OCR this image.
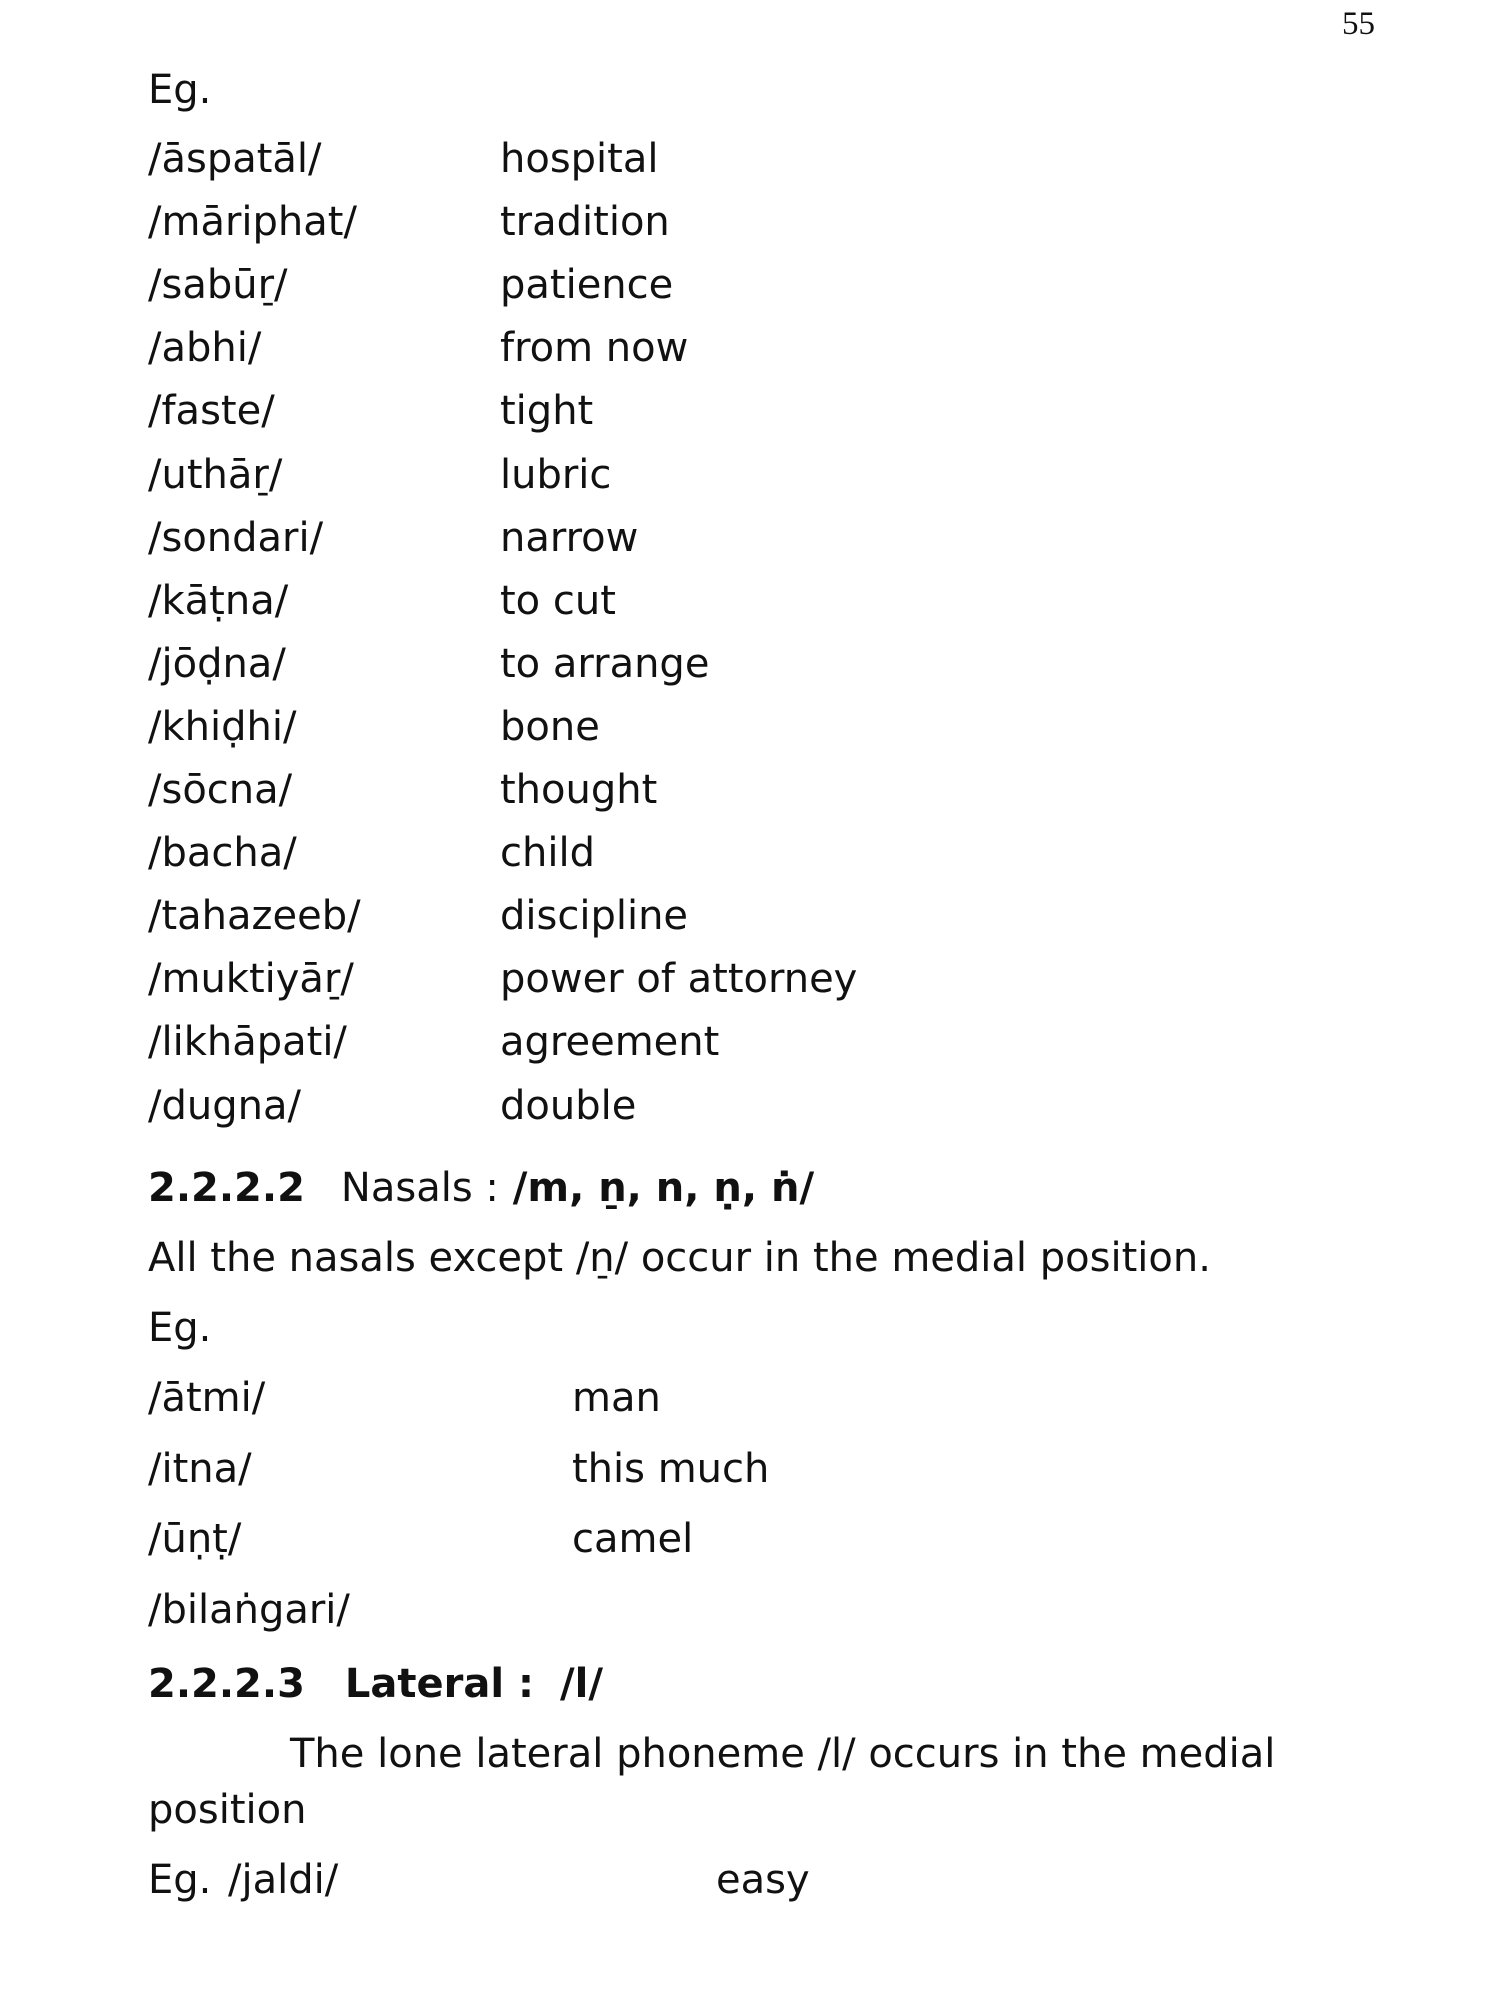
55
Eg.
/āspatāl/	hospital
/māriphat/	tradition
/sabūr̠/	patience
/abhi/	from now
/faste/	tight
/uthār̠/	lubric
/sondari/	narrow
/kāṭna/	to cut
/jōḍna/	to arrange
/khiḍhi/	bone
/sōcna/	thought
/bacha/	child
/tahazeeb/	discipline
/muktiyār̠/	power of attorney
/likhāpati/	agreement
/dugna/	double
2.2.2.2 Nasals : /m, n̠, n, ṇ, ṅ/
All the nasals except /n̠/ occur in the medial position.
Eg.
/ātmi/	man
/itna/	this much
/ūṇṭ/	camel
/bilaṅgari/
2.2.2.3 Lateral : /l/
The lone lateral phoneme /l/ occurs in the medial
position
Eg. /jaldi/	easy
